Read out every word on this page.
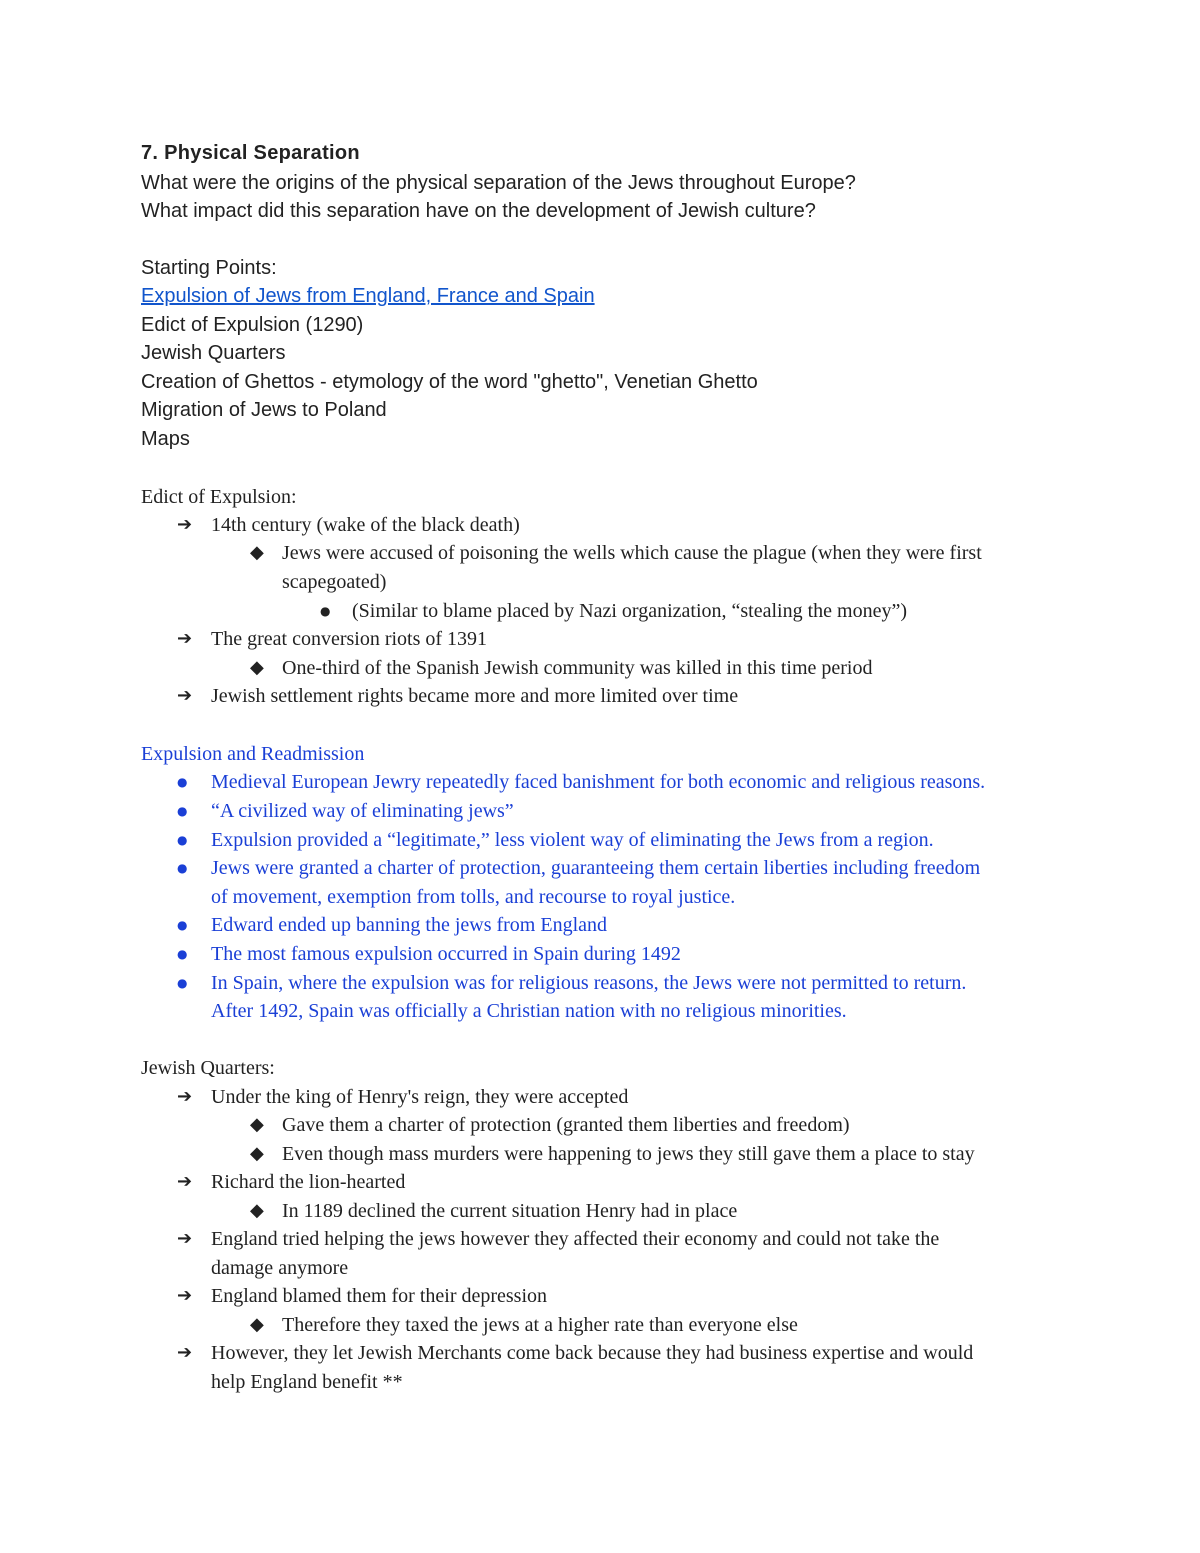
7. Physical Separation
What were the origins of the physical separation of the Jews throughout Europe?
What impact did this separation have on the development of Jewish culture?
Starting Points:
Expulsion of Jews from England, France and Spain
Edict of Expulsion (1290)
Jewish Quarters
Creation of Ghettos - etymology of the word "ghetto", Venetian Ghetto
Migration of Jews to Poland
Maps
Edict of Expulsion:
➔ 14th century (wake of the black death)
◆ Jews were accused of poisoning the wells which cause the plague (when they were first
scapegoated)
● (Similar to blame placed by Nazi organization, “stealing the money”)
➔ The great conversion riots of 1391
◆ One-third of the Spanish Jewish community was killed in this time period
➔ Jewish settlement rights became more and more limited over time
Expulsion and Readmission
● Medieval European Jewry repeatedly faced banishment for both economic and religious reasons.
● “A civilized way of eliminating jews”
● Expulsion provided a “legitimate,” less violent way of eliminating the Jews from a region.
● Jews were granted a charter of protection, guaranteeing them certain liberties including freedom
of movement, exemption from tolls, and recourse to royal justice.
● Edward ended up banning the jews from England
● The most famous expulsion occurred in Spain during 1492
● In Spain, where the expulsion was for religious reasons, the Jews were not permitted to return.
After 1492, Spain was officially a Christian nation with no religious minorities.
Jewish Quarters:
➔ Under the king of Henry's reign, they were accepted
◆ Gave them a charter of protection (granted them liberties and freedom)
◆ Even though mass murders were happening to jews they still gave them a place to stay
➔ Richard the lion-hearted
◆ In 1189 declined the current situation Henry had in place
➔ England tried helping the jews however they affected their economy and could not take the
damage anymore
➔ England blamed them for their depression
◆ Therefore they taxed the jews at a higher rate than everyone else
➔ However, they let Jewish Merchants come back because they had business expertise and would
help England benefit **
